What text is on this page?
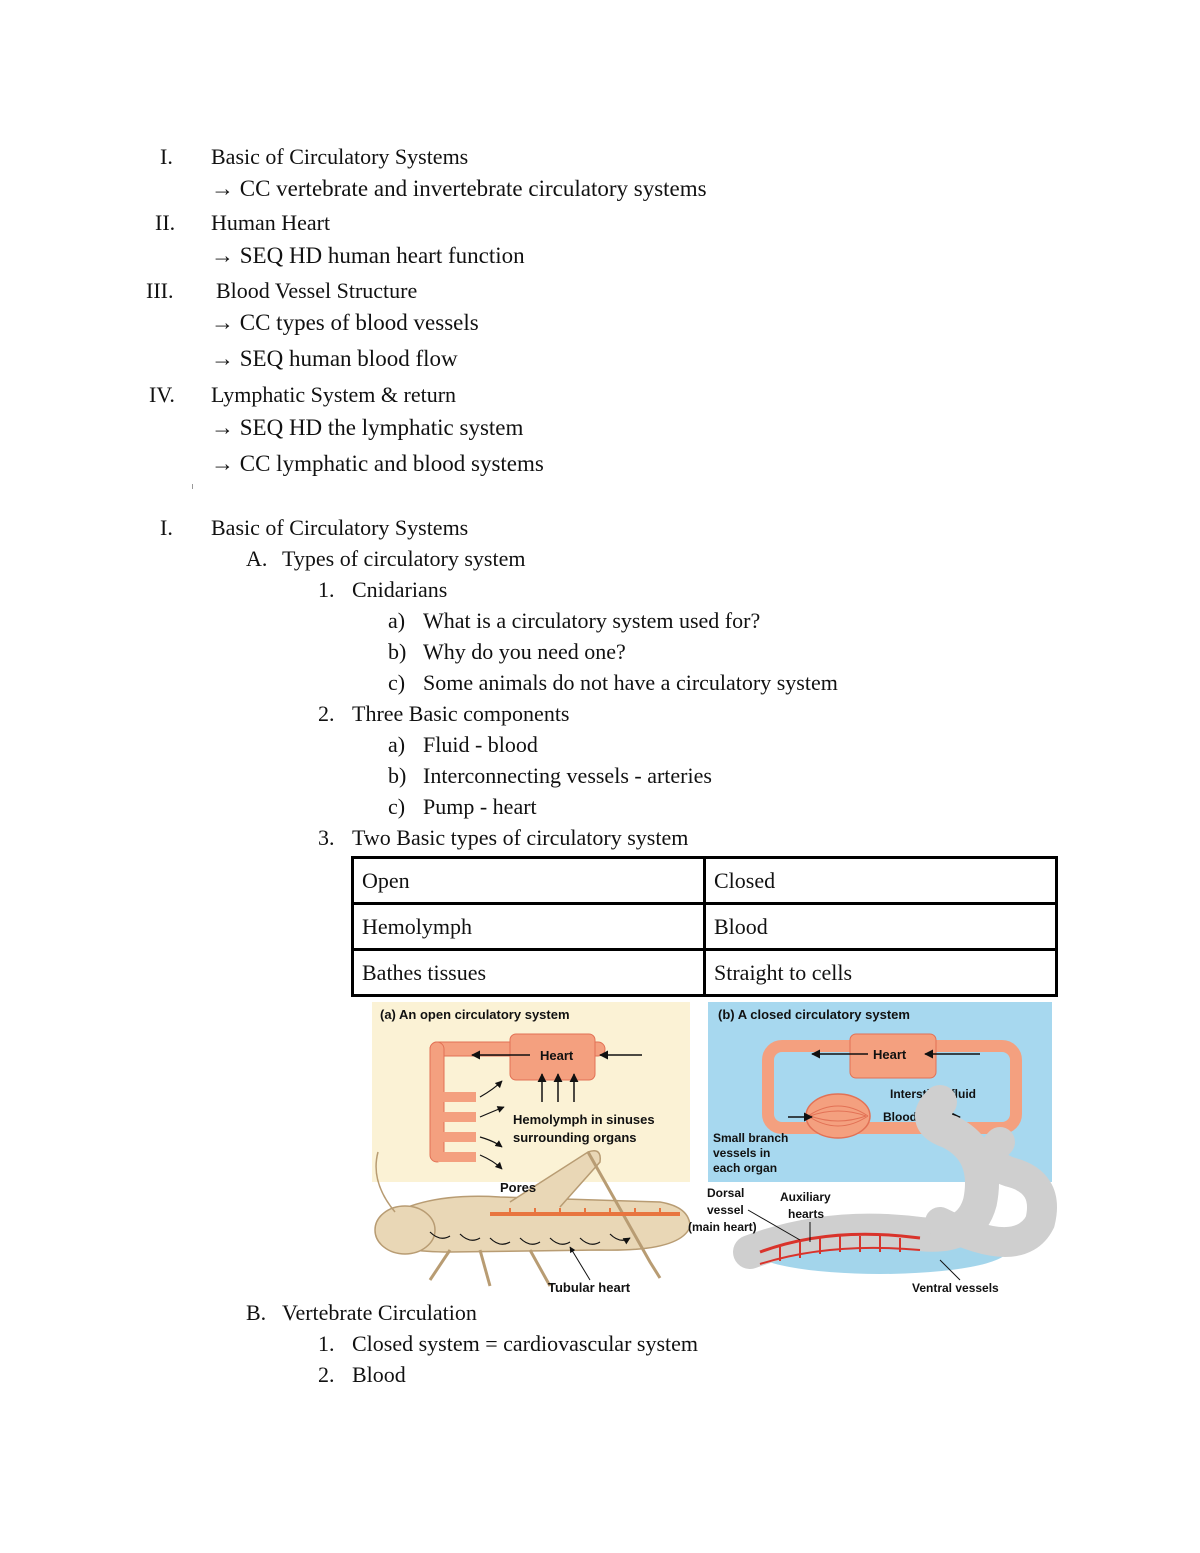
I. Basic of Circulatory Systems
→ CC vertebrate and invertebrate circulatory systems
II. Human Heart
→ SEQ HD human heart function
III. Blood Vessel Structure
→ CC types of blood vessels
→ SEQ human blood flow
IV. Lymphatic System & return
→ SEQ HD the lymphatic system
→ CC lymphatic and blood systems
I. Basic of Circulatory Systems
A. Types of circulatory system
1. Cnidarians
a) What is a circulatory system used for?
b) Why do you need one?
c) Some animals do not have a circulatory system
2. Three Basic components
a) Fluid - blood
b) Interconnecting vessels - arteries
c) Pump - heart
3. Two Basic types of circulatory system
Open	Closed
Hemolymph	Blood
Bathes tissues	Straight to cells
(a) An open circulatory system
Heart
Hemolymph in sinuses
surrounding organs
Pores
Tubular heart
(b) A closed circulatory system
Heart
Interstitial fluid
Blood
Small branch
vessels in
each organ
Dorsal
vessel
(main heart)
Auxiliary
hearts
Ventral vessels
B. Vertebrate Circulation
1. Closed system = cardiovascular system
2. Blood
